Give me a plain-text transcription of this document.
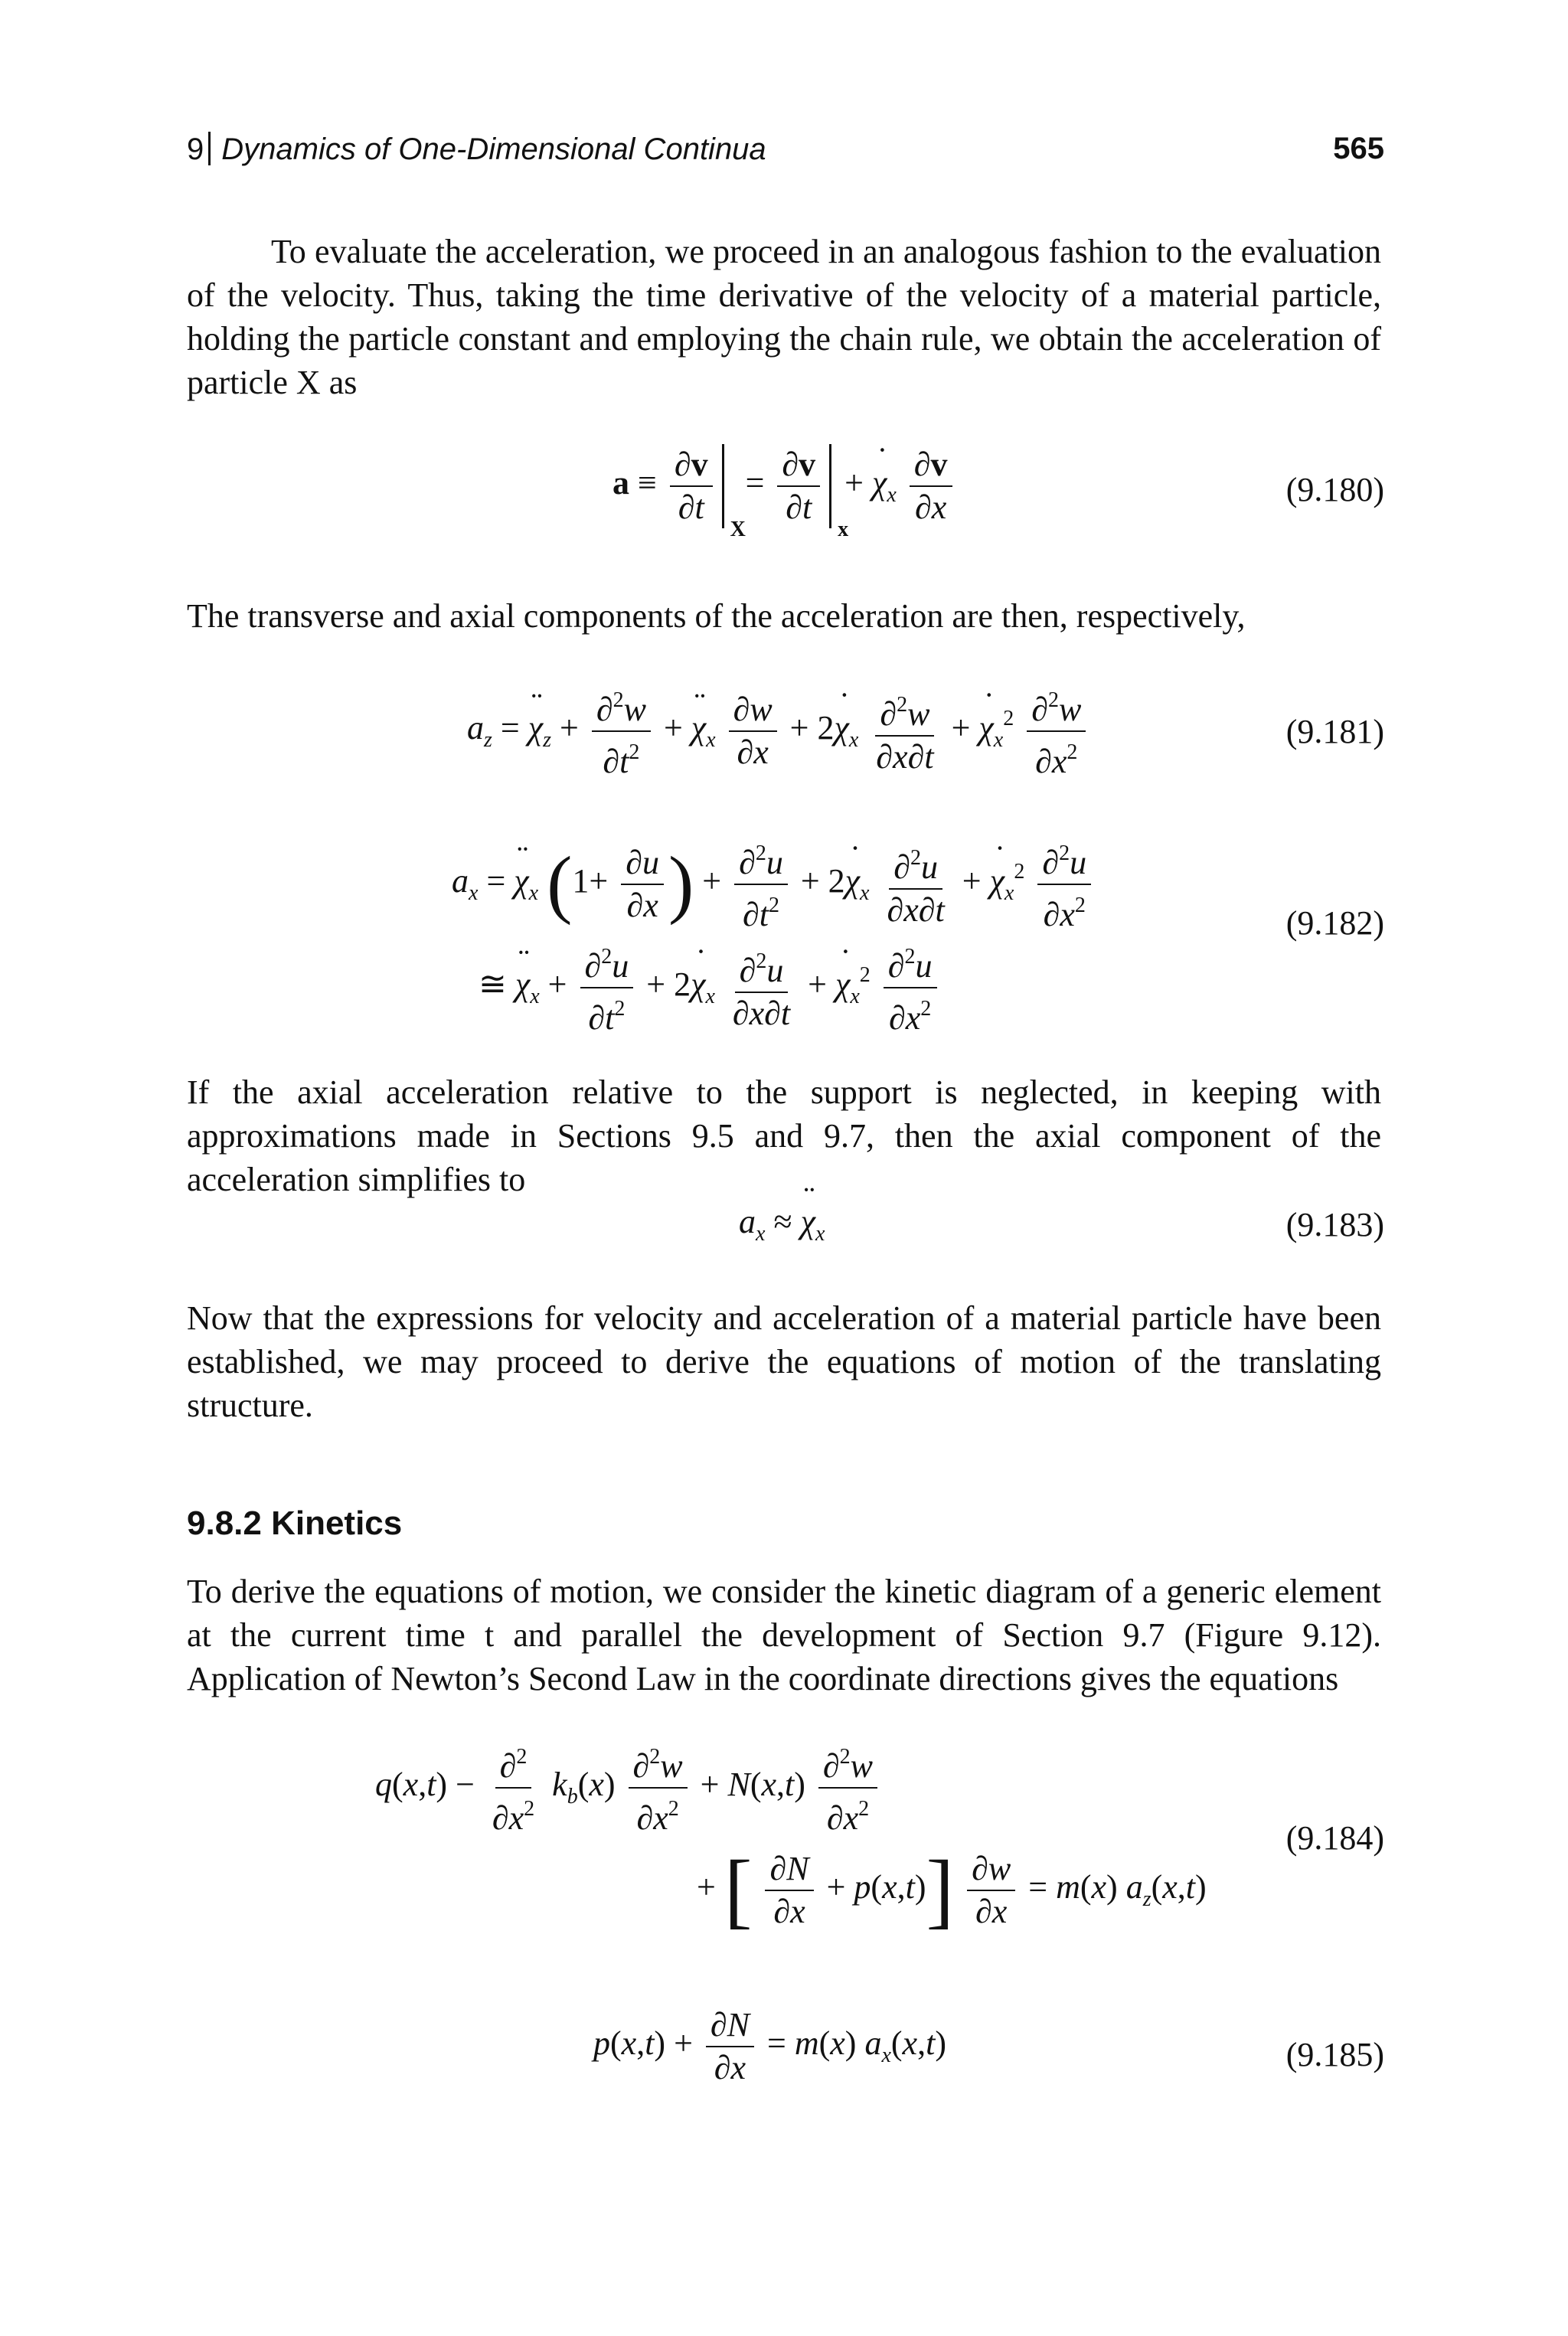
9 Dynamics of One-Dimensional Continua	565

To evaluate the acceleration, we proceed in an analogous fashion to the evaluation of the velocity. Thus, taking the time derivative of the velocity of a material particle, holding the particle constant and employing the chain rule, we obtain the acceleration of particle X as

$a \equiv \frac{\partial v}{\partial t}$
X
= $\frac{\partial v}{\partial t}$
x
+ ˙ $\chi_x \frac{\partial v}{\partial x}$	(9.180)

The transverse and axial components of the acceleration are then, respectively,

$a_z$ = ¨ $\chi_z + \frac{\partial^2w}{\partial t^2}$ + ¨ $\chi_x \frac{\partial w}{\partial x}$ + 2˙ $\chi_x \frac{\partial^2w}{\partial x\partial t}$ + ˙ $\chi_x^2 \frac{\partial^2w}{\partial x^2}$	(9.181)
$a_x$ = ¨ $\chi_x$ ($1+ \frac{\partial u}{\partial x}$ ) + $\frac{\partial^2u}{\partial t^2}$ + 2˙ $\chi_x \frac{\partial^2u}{\partial x\partial t}$ + ˙ $\chi_x^2 \frac{\partial^2u}{\partial x^2}$
≅ ¨ $\chi_x + \frac{\partial^2u}{\partial t^2}$ + 2˙ $\chi_x \frac{\partial^2u}{\partial x\partial t}$ + ˙ $\chi_x^2 \frac{\partial^2u}{\partial x^2}$
(9.182)

If the axial acceleration relative to the support is neglected, in keeping with approximations made in Sections 9.5 and 9.7, then the axial component of the acceleration simplifies to

$a_x$ ≈ ¨ $\chi_x$	(9.183)

Now that the expressions for velocity and acceleration of a material particle have been established, we may proceed to derive the equations of motion of the translating structure.

9.8.2 Kinetics

To derive the equations of motion, we consider the kinetic diagram of a generic element at the current time t and parallel the development of Section 9.7 (Figure 9.12). Application of Newton’s Second Law in the coordinate directions gives the equations

$q(x,t) - \frac{\partial^2}{\partial x^2} k_b(x) \frac{\partial^2w}{\partial x^2} + N(x,t) \frac{\partial^2w}{\partial x^2}$
+ [ $\frac{\partial N}{\partial x} + p(x,t)] \frac{\partial w}{\partial x} = m(x)$ $a_z(x,t)$
(9.184)
$p(x,t) + \frac{\partial N}{\partial x} = m(x)$ $a_x(x,t)$	(9.185)
